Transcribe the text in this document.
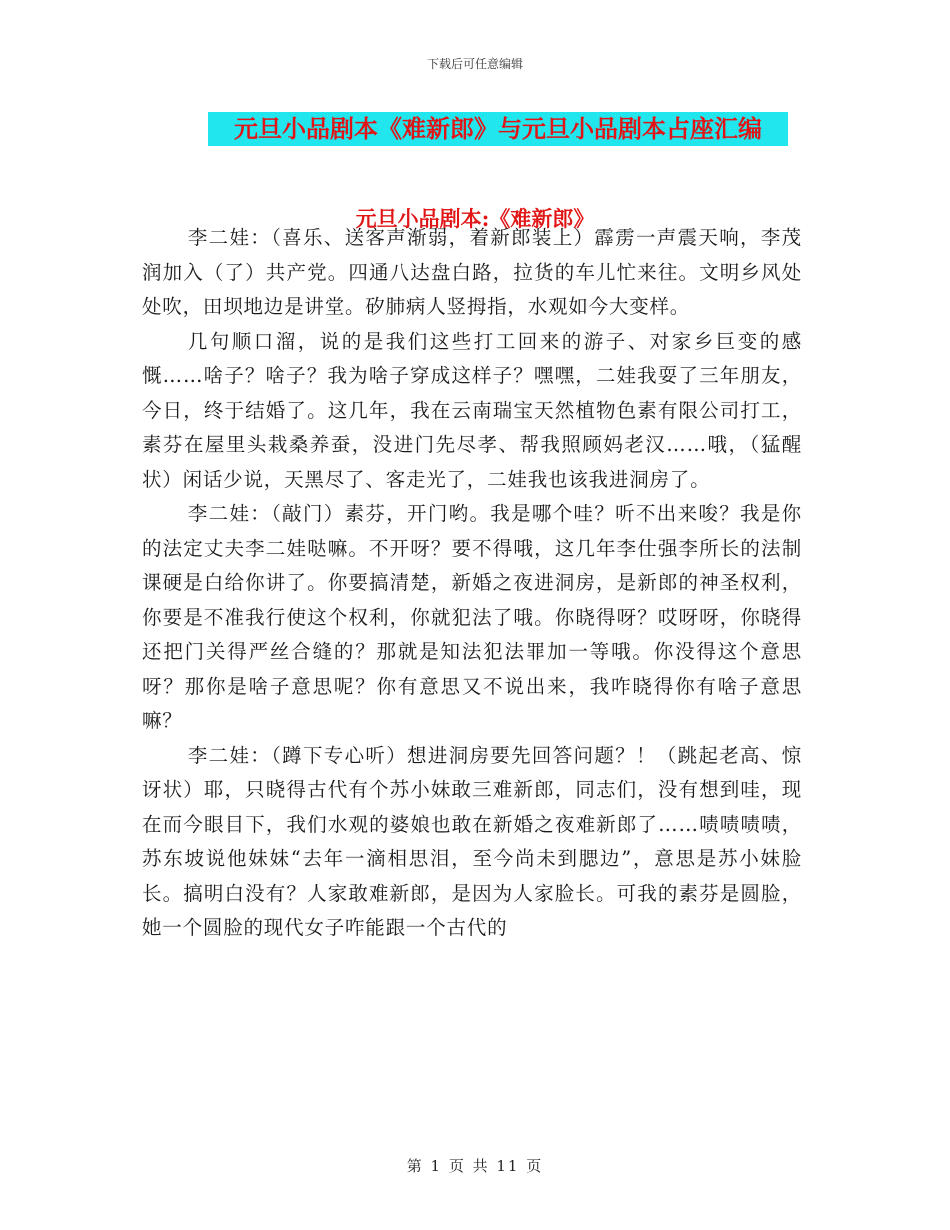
下载后可任意编辑
元旦小品剧本《难新郎》与元旦小品剧本占座汇编
元旦小品剧本:《难新郎》

李二娃：（喜乐、送客声渐弱，着新郎装上）霹雳一声震天响，李茂润加入（了）共产党。四通八达盘白路，拉货的车儿忙来往。文明乡风处处吹，田坝地边是讲堂。矽肺病人竖拇指，水观如今大变样。

几句顺口溜，说的是我们这些打工回来的游子、对家乡巨变的感慨……啥子？啥子？我为啥子穿成这样子？嘿嘿，二娃我耍了三年朋友，今日，终于结婚了。这几年，我在云南瑞宝天然植物色素有限公司打工，素芬在屋里头栽桑养蚕，没进门先尽孝、帮我照顾妈老汉……哦，（猛醒状）闲话少说，天黑尽了、客走光了，二娃我也该我进洞房了。

李二娃：（敲门）素芬，开门哟。我是哪个哇？听不出来唆？我是你的法定丈夫李二娃哒嘛。不开呀？要不得哦，这几年李仕强李所长的法制课硬是白给你讲了。你要搞清楚，新婚之夜进洞房，是新郎的神圣权利，你要是不准我行使这个权利，你就犯法了哦。你晓得呀？哎呀呀，你晓得还把门关得严丝合缝的？那就是知法犯法罪加一等哦。你没得这个意思呀？那你是啥子意思呢？你有意思又不说出来，我咋晓得你有啥子意思嘛？

李二娃：（蹲下专心听）想进洞房要先回答问题？！（跳起老高、惊讶状）耶，只晓得古代有个苏小妹敢三难新郎，同志们，没有想到哇，现在而今眼目下，我们水观的婆娘也敢在新婚之夜难新郎了……啧啧啧啧，苏东坡说他妹妹“去年一滴相思泪，至今尚未到腮边”，意思是苏小妹脸长。搞明白没有？人家敢难新郎，是因为人家脸长。可我的素芬是圆脸，她一个圆脸的现代女子咋能跟一个古代的

第 1 页 共 11 页
